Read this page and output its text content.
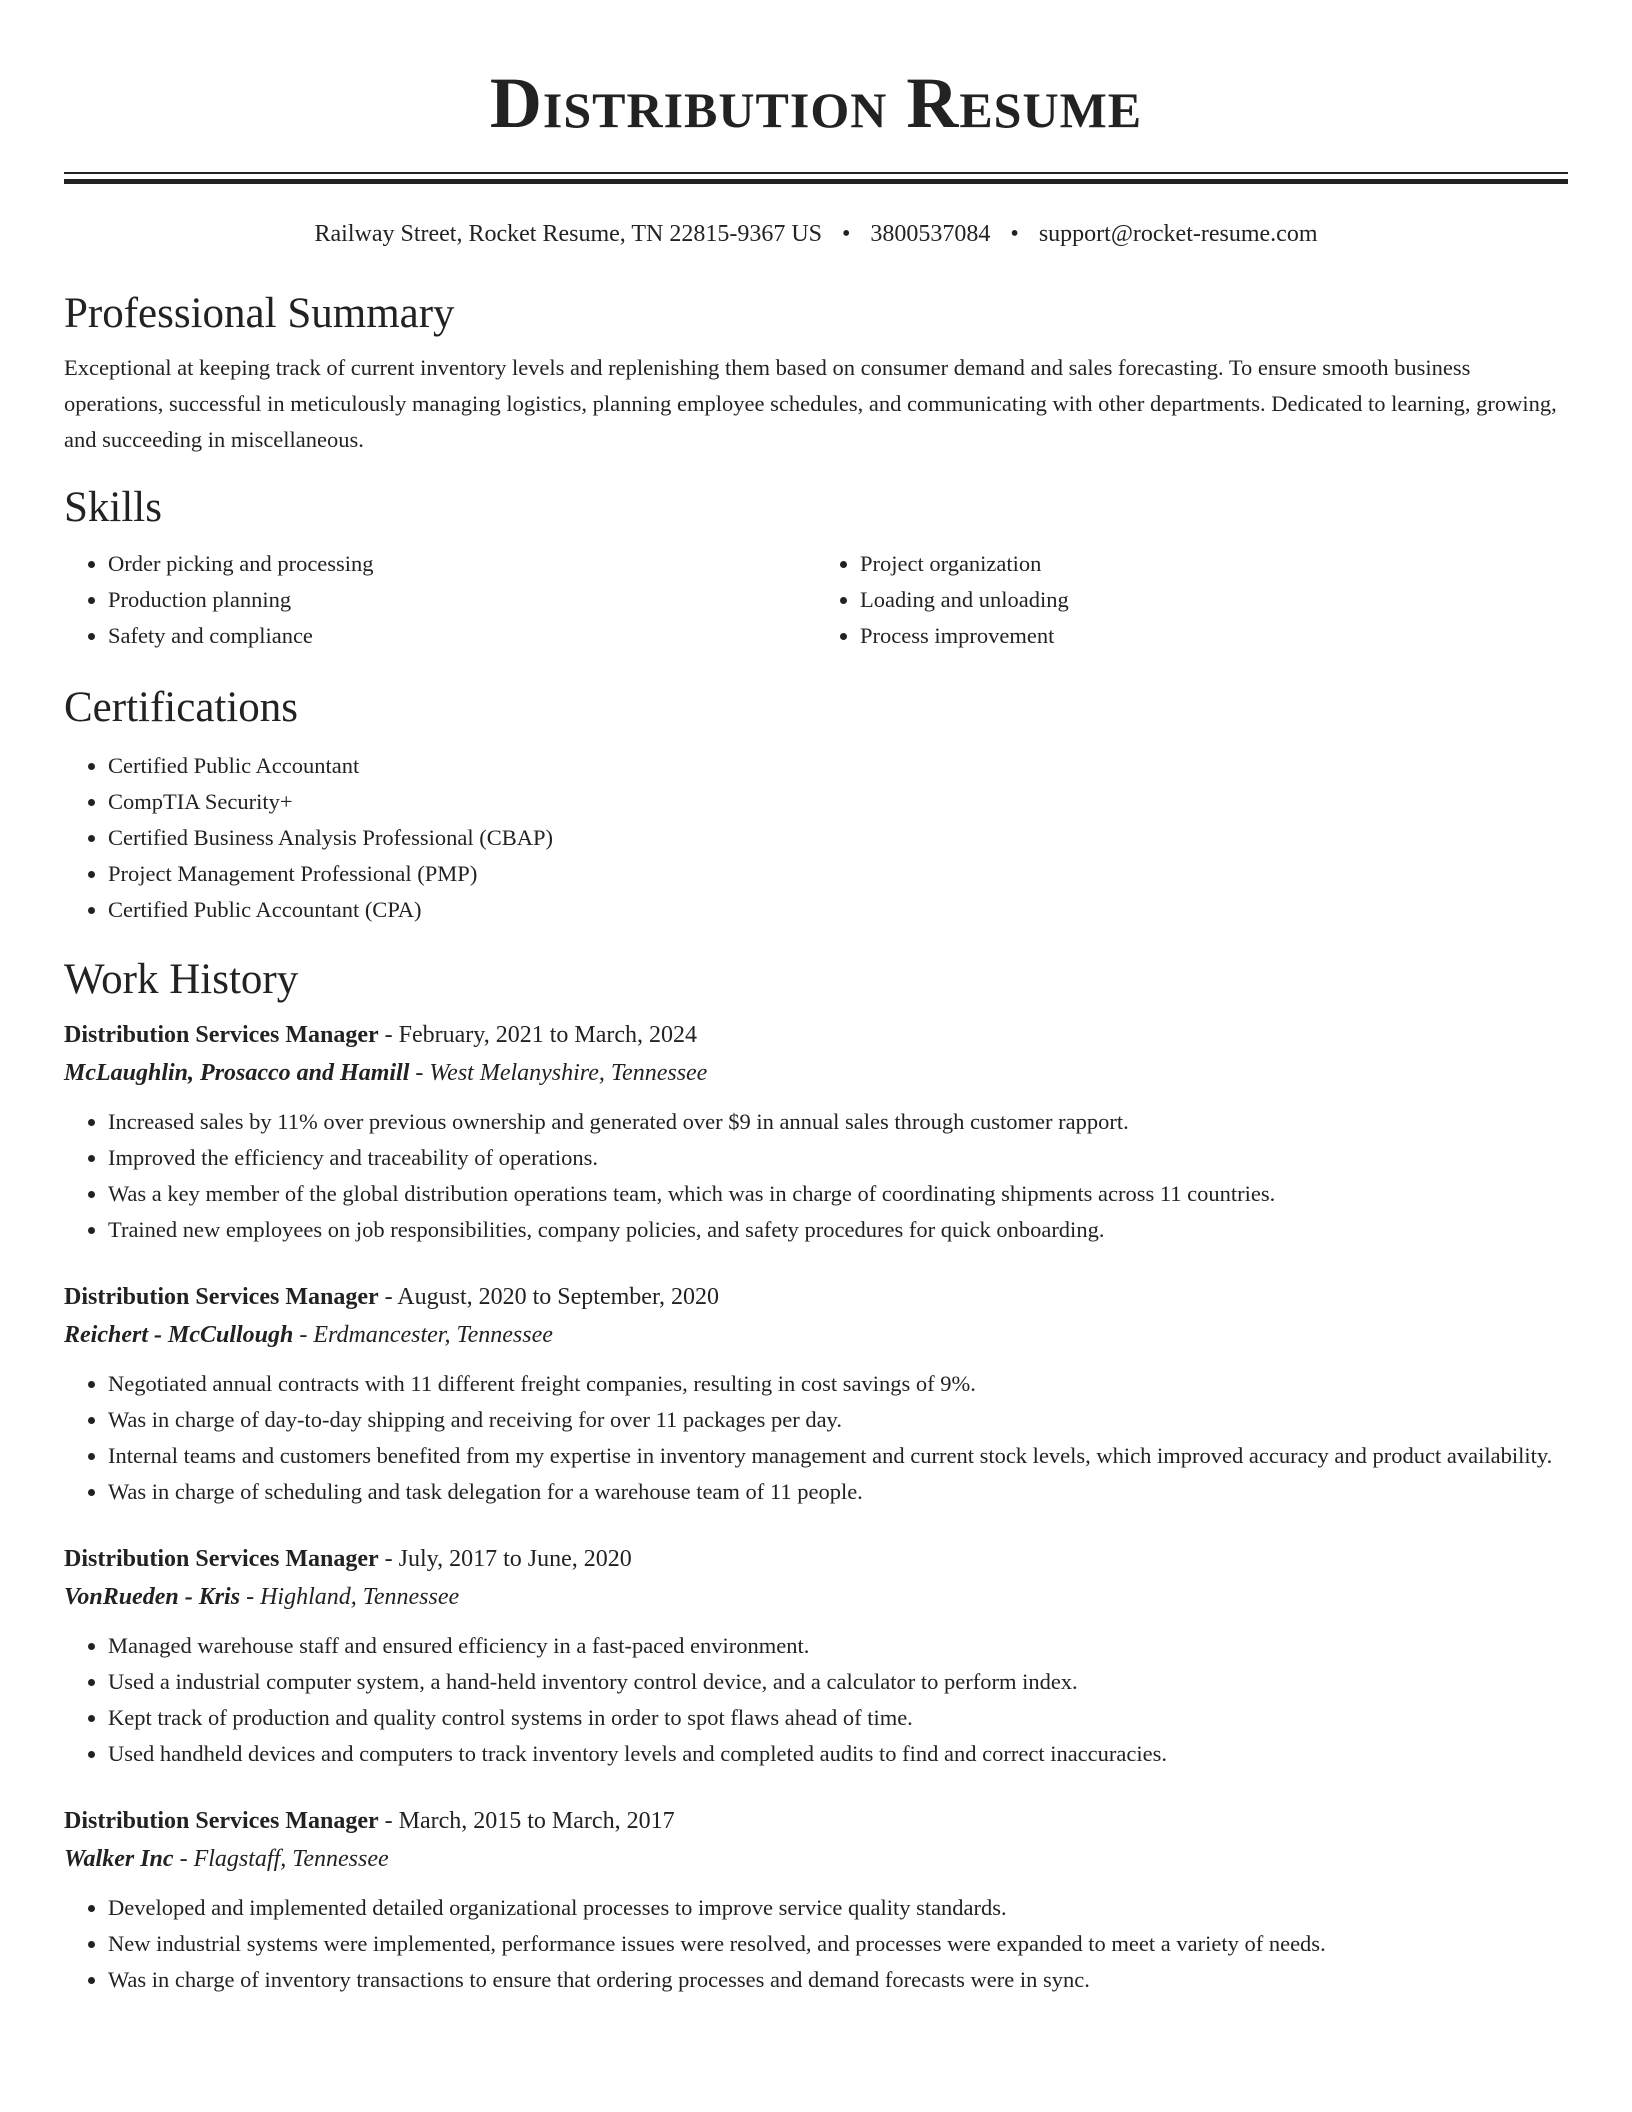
Distribution Resume
Railway Street, Rocket Resume, TN 22815-9367 US • 3800537084 • support@rocket-resume.com
Professional Summary

Exceptional at keeping track of current inventory levels and replenishing them based on consumer demand and sales forecasting. To ensure smooth business operations, successful in meticulously managing logistics, planning employee schedules, and communicating with other departments. Dedicated to learning, growing, and succeeding in miscellaneous.

Skills
• Order picking and processing
• Production planning
• Safety and compliance
• Project organization
• Loading and unloading
• Process improvement
Certifications
• Certified Public Accountant
• CompTIA Security+
• Certified Business Analysis Professional (CBAP)
• Project Management Professional (PMP)
• Certified Public Accountant (CPA)
Work History
Distribution Services Manager - February, 2021 to March, 2024
McLaughlin, Prosacco and Hamill - West Melanyshire, Tennessee
• Increased sales by 11% over previous ownership and generated over $9 in annual sales through customer rapport.
• Improved the efficiency and traceability of operations.
• Was a key member of the global distribution operations team, which was in charge of coordinating shipments across 11 countries.
• Trained new employees on job responsibilities, company policies, and safety procedures for quick onboarding.
Distribution Services Manager - August, 2020 to September, 2020
Reichert - McCullough - Erdmancester, Tennessee
• Negotiated annual contracts with 11 different freight companies, resulting in cost savings of 9%.
• Was in charge of day-to-day shipping and receiving for over 11 packages per day.
• Internal teams and customers benefited from my expertise in inventory management and current stock levels, which improved accuracy and product availability.
• Was in charge of scheduling and task delegation for a warehouse team of 11 people.
Distribution Services Manager - July, 2017 to June, 2020
VonRueden - Kris - Highland, Tennessee
• Managed warehouse staff and ensured efficiency in a fast-paced environment.
• Used a industrial computer system, a hand-held inventory control device, and a calculator to perform index.
• Kept track of production and quality control systems in order to spot flaws ahead of time.
• Used handheld devices and computers to track inventory levels and completed audits to find and correct inaccuracies.
Distribution Services Manager - March, 2015 to March, 2017
Walker Inc - Flagstaff, Tennessee
• Developed and implemented detailed organizational processes to improve service quality standards.
• New industrial systems were implemented, performance issues were resolved, and processes were expanded to meet a variety of needs.
• Was in charge of inventory transactions to ensure that ordering processes and demand forecasts were in sync.
